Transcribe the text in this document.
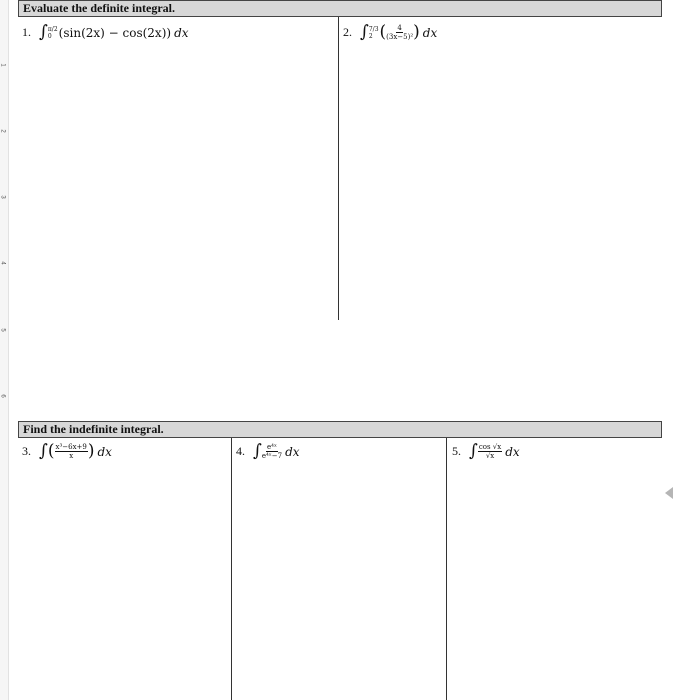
1
2
3
4
5
6
Evaluate the definite integral.
1. ∫ π/2
0 (sin(2x) − cos(2x)) dx	2. ∫ 7/3
2 ( $\frac{4}{\text{(3x−5)²}}$ ) dx
Find the indefinite integral.
3. ∫ ( $\frac{\text{x³−6x+9}}{x}$ ) dx	4. ∫ $\frac{\text{e⁴ˣ}}{\text{e⁴ˣ−7}}$ dx	5. ∫ $\frac{\cos √x}{√x}$ dx
